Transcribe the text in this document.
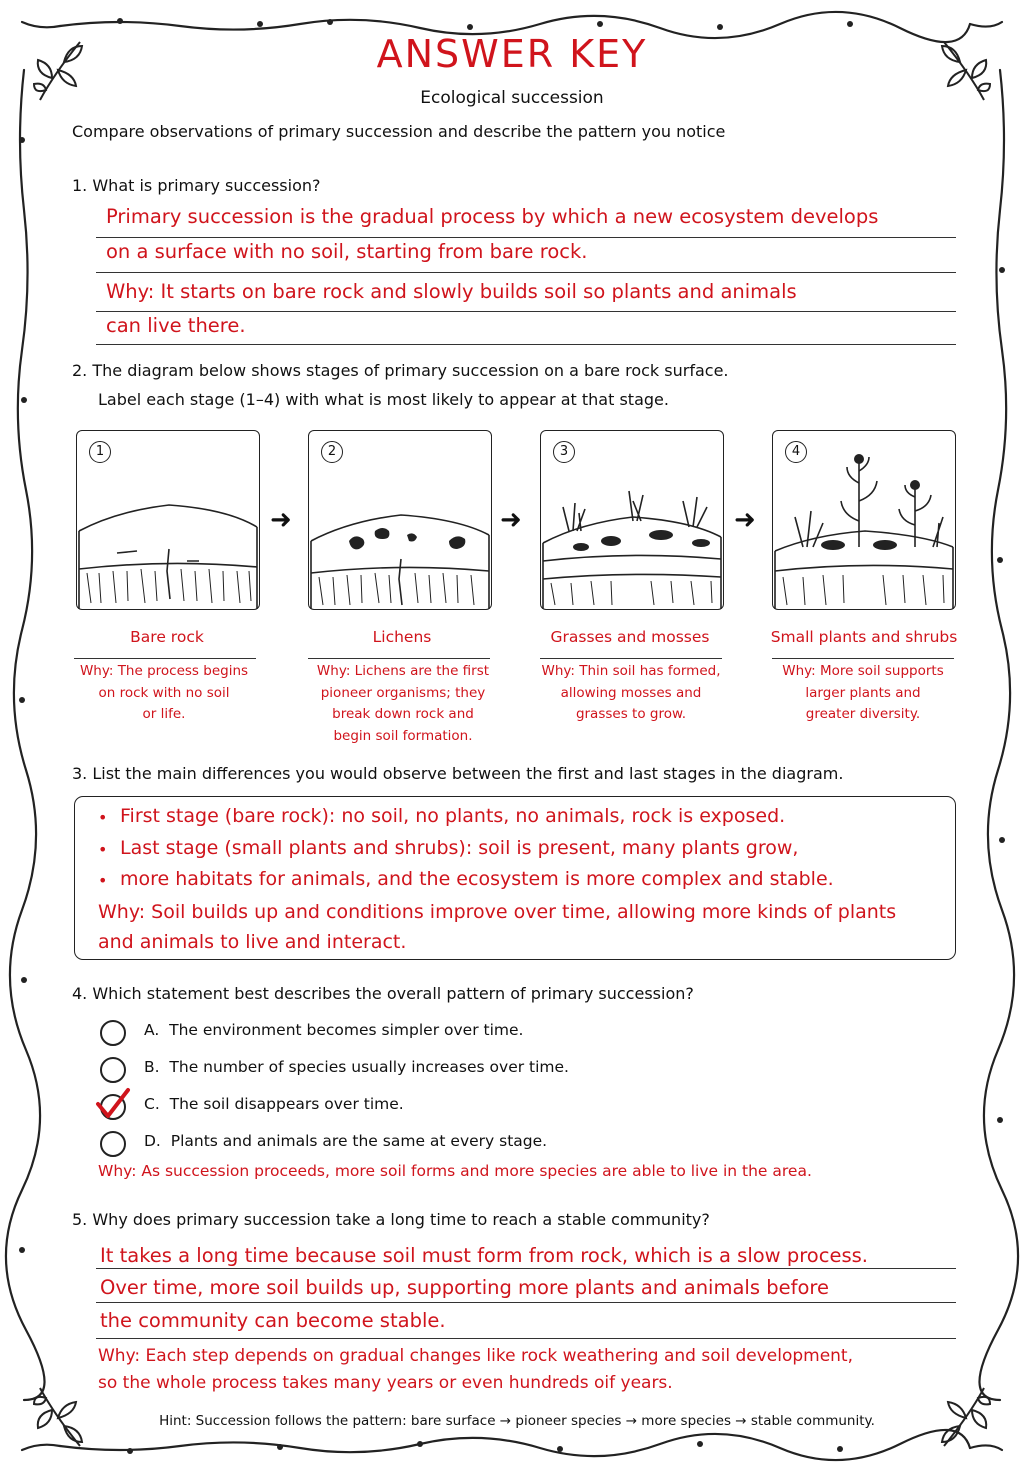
ANSWER KEY
Ecological succession
Compare observations of primary succession and describe the pattern you notice
1. What is primary succession?
Primary succession is the gradual process by which a new ecosystem develops
on a surface with no soil, starting from bare rock.
Why: It starts on bare rock and slowly builds soil so plants and animals
can live there.
2. The diagram below shows stages of primary succession on a bare rock surface.
Label each stage (1–4) with what is most likely to appear at that stage.
1
➜
2
➜
3
➜
4
Bare rock	Lichens	Grasses and mosses	Small plants and shrubs
Why: The process begins
on rock with no soil
or life.
Why: Lichens are the first
pioneer organisms; they
break down rock and
begin soil formation.
Why: Thin soil has formed,
allowing mosses and
grasses to grow.
Why: More soil supports
larger plants and
greater diversity.
3. List the main differences you would observe between the first and last stages in the diagram.
• First stage (bare rock): no soil, no plants, no animals, rock is exposed.
• Last stage (small plants and shrubs): soil is present, many plants grow,
• more habitats for animals, and the ecosystem is more complex and stable.
Why: Soil builds up and conditions improve over time, allowing more kinds of plants
and animals to live and interact.
4. Which statement best describes the overall pattern of primary succession?
A. The environment becomes simpler over time.
B. The number of species usually increases over time.
C. The soil disappears over time.
D. Plants and animals are the same at every stage.
Why: As succession proceeds, more soil forms and more species are able to live in the area.
5. Why does primary succession take a long time to reach a stable community?
It takes a long time because soil must form from rock, which is a slow process.
Over time, more soil builds up, supporting more plants and animals before
the community can become stable.
Why: Each step depends on gradual changes like rock weathering and soil development,
so the whole process takes many years or even hundreds oif years.
Hint: Succession follows the pattern: bare surface → pioneer species → more species → stable community.
